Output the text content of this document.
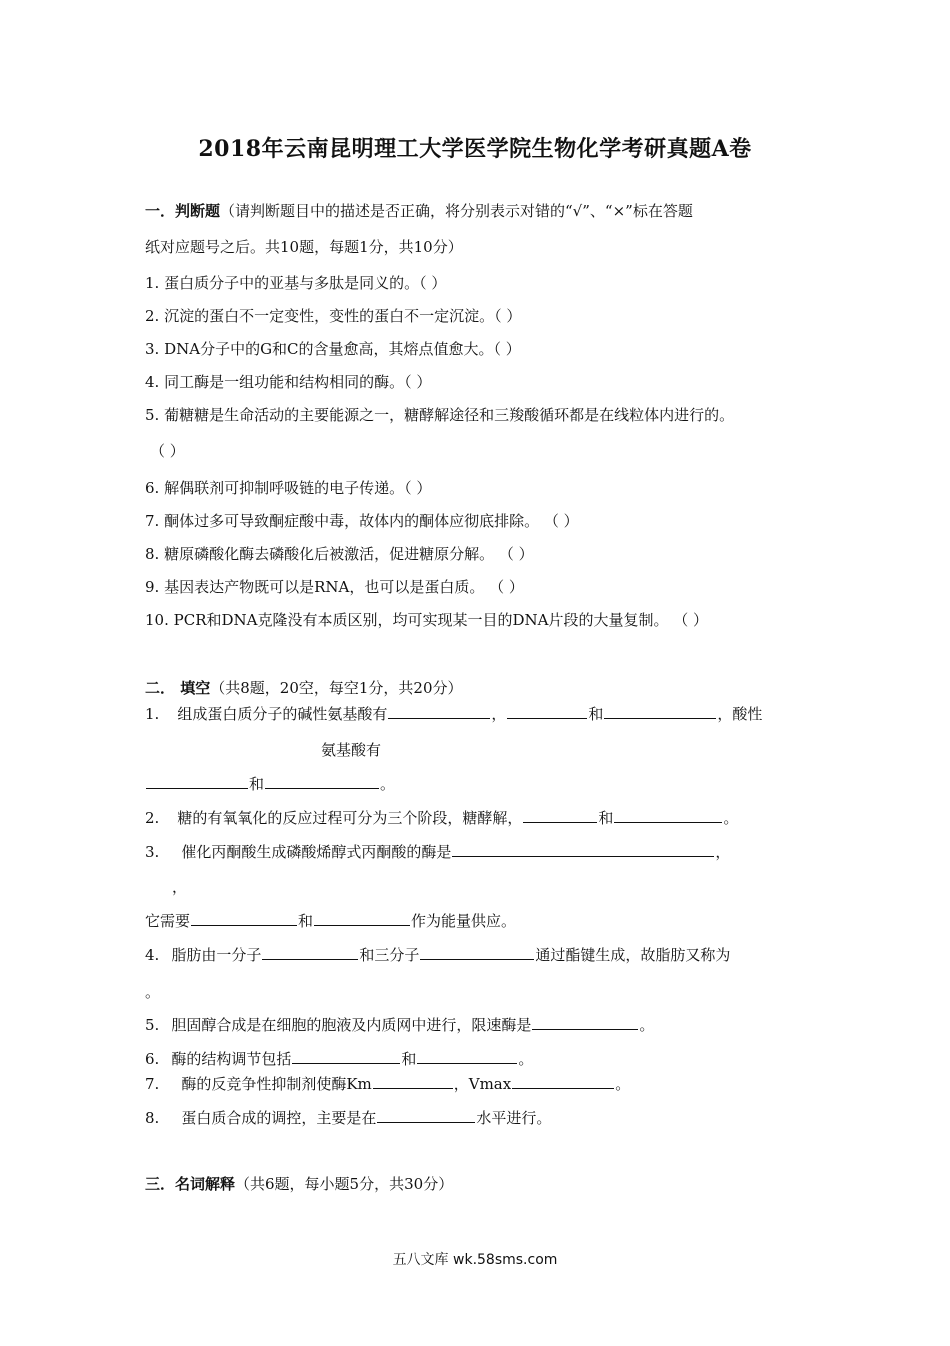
2018年云南昆明理工大学医学院生物化学考研真题A卷
一．判断题（请判断题目中的描述是否正确，将分别表示对错的“√”、“×”标在答题
纸对应题号之后。共10题，每题1分，共10分）
1. 蛋白质分子中的亚基与多肽是同义的。（ ）
2. 沉淀的蛋白不一定变性，变性的蛋白不一定沉淀。（ ）
3. DNA分子中的G和C的含量愈高，其熔点值愈大。（ ）
4. 同工酶是一组功能和结构相同的酶。（ ）
5. 葡糖糖是生命活动的主要能源之一，糖酵解途径和三羧酸循环都是在线粒体内进行的。
（ ）
6. 解偶联剂可抑制呼吸链的电子传递。（ ）
7. 酮体过多可导致酮症酸中毒，故体内的酮体应彻底排除。 （ ）
8. 糖原磷酸化酶去磷酸化后被激活，促进糖原分解。 （ ）
9. 基因表达产物既可以是RNA，也可以是蛋白质。 （ ）
10. PCR和DNA克隆没有本质区别，均可实现某一目的DNA片段的大量复制。 （ ）
二． 填空（共8题，20空，每空1分，共20分）
1. 组成蛋白质分子的碱性氨基酸有	，	和	，酸性
氨基酸有
和	。
2. 糖的有氧氧化的反应过程可分为三个阶段，糖酵解，	和	。
3. 催化丙酮酸生成磷酸烯醇式丙酮酸的酶是	，
，
它需要	和	作为能量供应。
4. 脂肪由一分子	和三分子	通过酯键生成，故脂肪又称为
。
5. 胆固醇合成是在细胞的胞液及内质网中进行，限速酶是	。
6. 酶的结构调节包括	和	。
7. 酶的反竞争性抑制剂使酶Km	，Vmax	。
8. 蛋白质合成的调控，主要是在	水平进行。
三．名词解释（共6题，每小题5分，共30分）
五八文库 wk.58sms.com
